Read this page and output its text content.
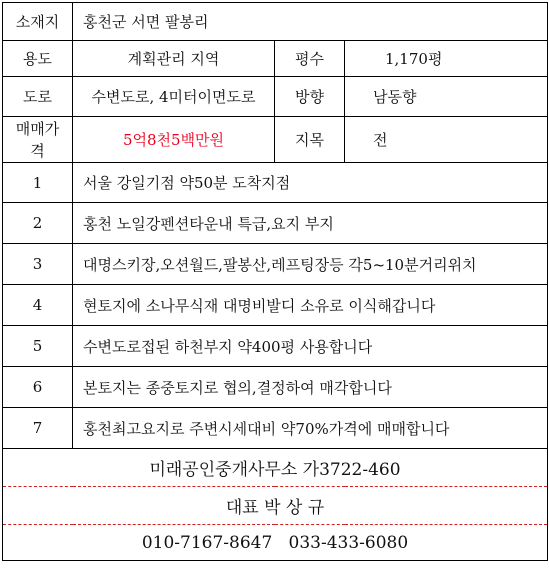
소재지	홍천군 서면 팔봉리		
용도	계획관리 지역	평수	1,170평
도로	수변도로, 4미터이면도로	방향	남동향
매매가격	5억8천5백만원	지목	전
1	서울 강일기점 약50분 도착지점		
2	홍천 노일강펜션타운내 특급,요지 부지		
3	대명스키장,오션월드,팔봉산,레프팅장등 각5~10분거리위치		
4	현토지에 소나무식재 대명비발디 소유로 이식해갑니다		
5	수변도로접된 하천부지 약400평 사용합니다		
6	본토지는 종중토지로 협의,결정하여 매각합니다		
7	홍천최고요지로 주변시세대비 약70%가격에 매매합니다		
미래공인중개사무소 가3722-460			
대표 박 상 규			
010-7167-8647   033-433-6080			
